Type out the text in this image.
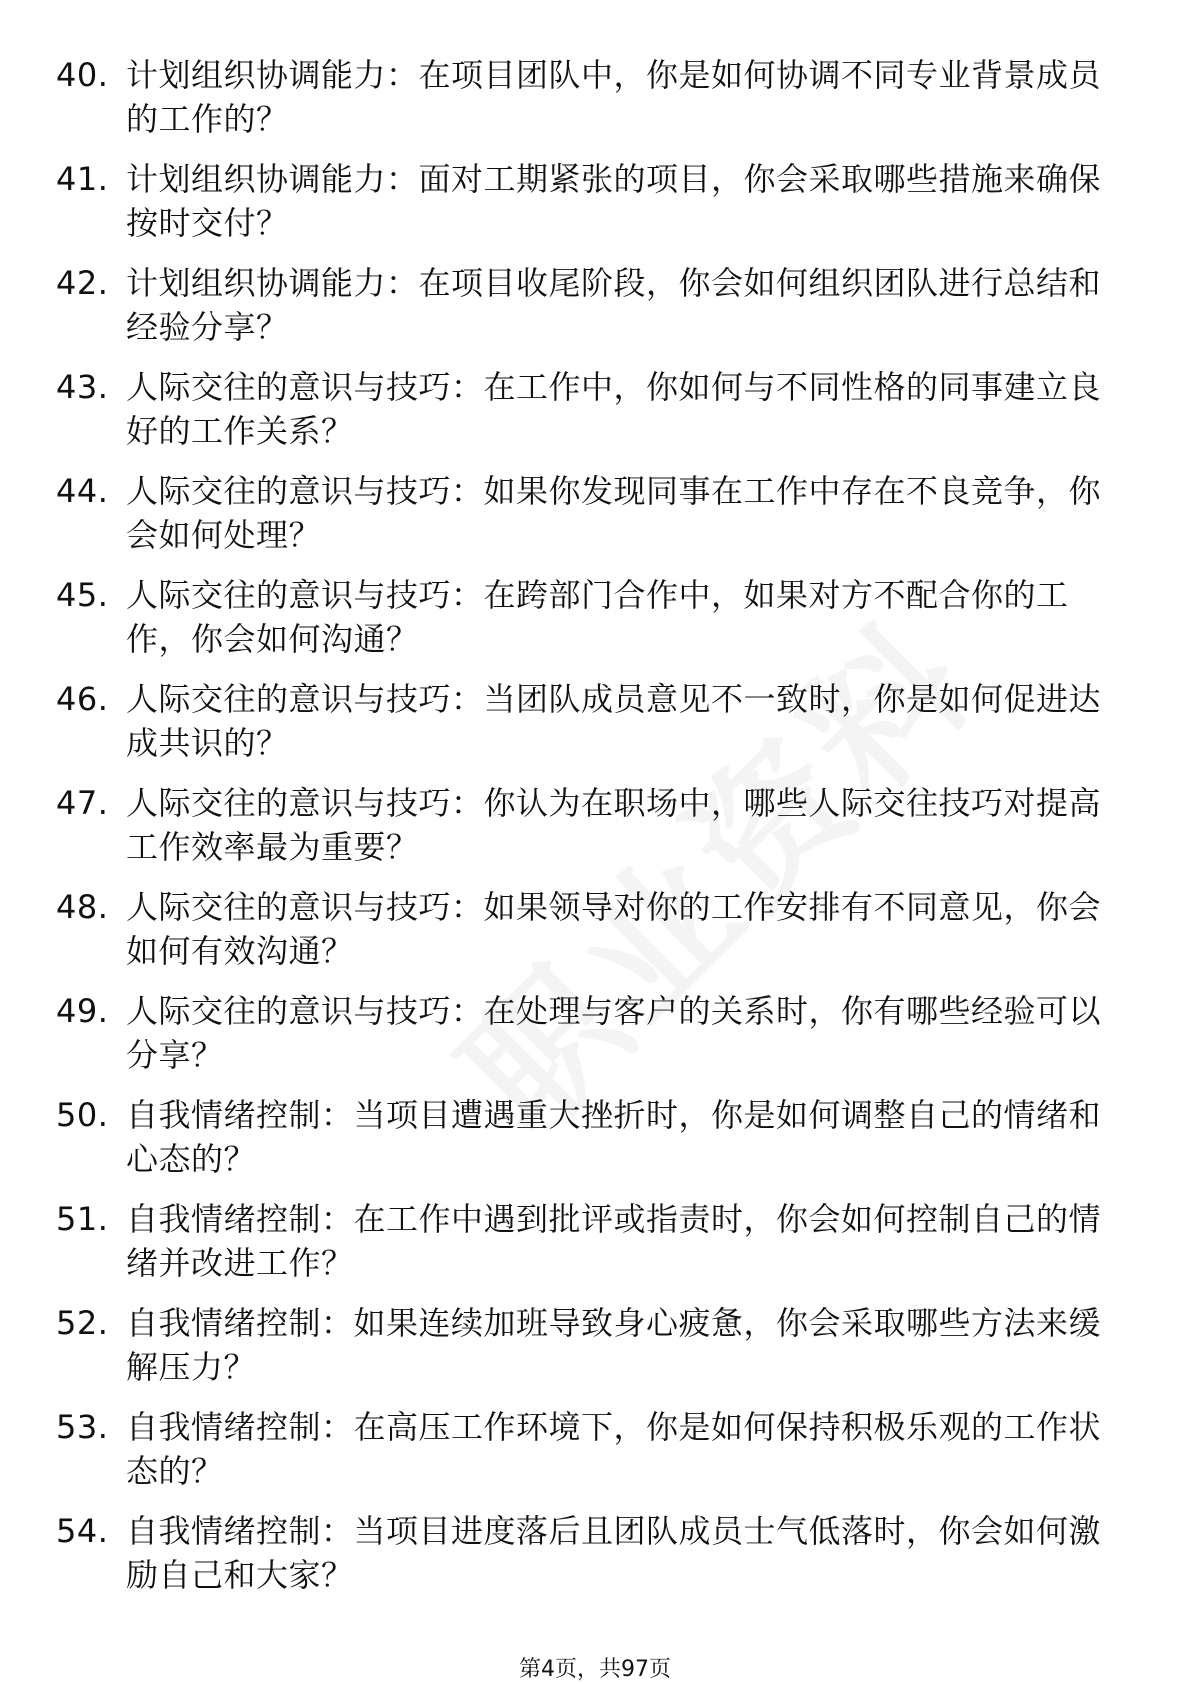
40. 计划组织协调能力：在项目团队中，你是如何协调不同专业背景成员的工作的？
41. 计划组织协调能力：面对工期紧张的项目，你会采取哪些措施来确保按时交付？
42. 计划组织协调能力：在项目收尾阶段，你会如何组织团队进行总结和经验分享？
43. 人际交往的意识与技巧：在工作中，你如何与不同性格的同事建立良好的工作关系？
44. 人际交往的意识与技巧：如果你发现同事在工作中存在不良竞争，你会如何处理？
45. 人际交往的意识与技巧：在跨部门合作中，如果对方不配合你的工作，你会如何沟通？
46. 人际交往的意识与技巧：当团队成员意见不一致时，你是如何促进达成共识的？
47. 人际交往的意识与技巧：你认为在职场中，哪些人际交往技巧对提高工作效率最为重要？
48. 人际交往的意识与技巧：如果领导对你的工作安排有不同意见，你会如何有效沟通？
49. 人际交往的意识与技巧：在处理与客户的关系时，你有哪些经验可以分享？
50. 自我情绪控制：当项目遭遇重大挫折时，你是如何调整自己的情绪和心态的？
51. 自我情绪控制：在工作中遇到批评或指责时，你会如何控制自己的情绪并改进工作？
52. 自我情绪控制：如果连续加班导致身心疲惫，你会采取哪些方法来缓解压力？
53. 自我情绪控制：在高压工作环境下，你是如何保持积极乐观的工作状态的？
54. 自我情绪控制：当项目进度落后且团队成员士气低落时，你会如何激励自己和大家？
第4页，共97页
